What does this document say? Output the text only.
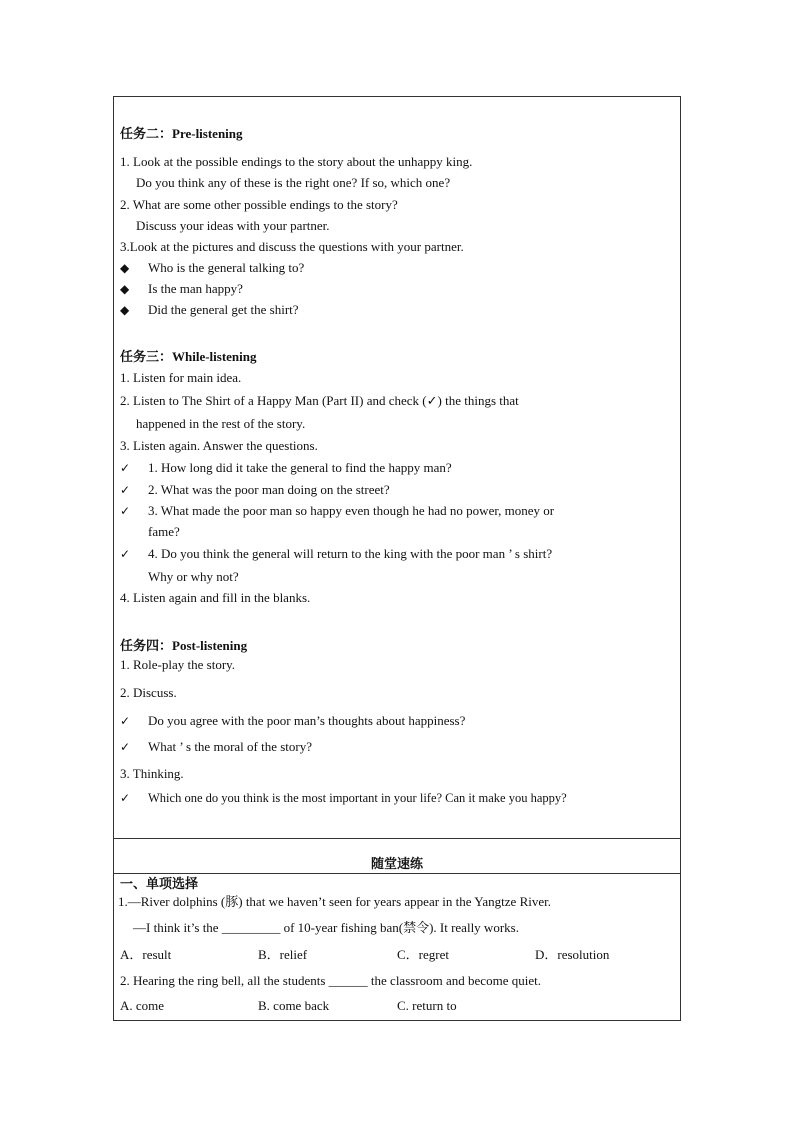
任务二：Pre-listening
1. Look at the possible endings to the story about the unhappy king.
Do you think any of these is the right one? If so, which one?
2. What are some other possible endings to the story?
Discuss your ideas with your partner.
3.Look at the pictures and discuss the questions with your partner.
◆ Who is the general talking to?
◆ Is the man happy?
◆ Did the general get the shirt?
任务三：While-listening
1. Listen for main idea.
2. Listen to The Shirt of a Happy Man (Part II) and check (✓) the things that
happened in the rest of the story.
3. Listen again. Answer the questions.
✓ 1. How long did it take the general to find the happy man?
✓ 2. What was the poor man doing on the street?
✓ 3. What made the poor man so happy even though he had no power, money or
fame?
✓ 4. Do you think the general will return to the king with the poor man ’ s shirt?
Why or why not?
4. Listen again and fill in the blanks.
任务四：Post-listening
1. Role-play the story.
2. Discuss.
✓ Do you agree with the poor man’s thoughts about happiness?
✓ What ’ s the moral of the story?
3. Thinking.
✓ Which one do you think is the most important in your life? Can it make you happy?
随堂速练
一、单项选择
1.—River dolphins (豚) that we haven’t seen for years appear in the Yangtze River.
—I think it’s the _________ of 10-year fishing ban(禁令). It really works.
A．result	B．relief	C．regret	D．resolution
2. Hearing the ring bell, all the students ______ the classroom and become quiet.
A. come	B. come back	C. return to
